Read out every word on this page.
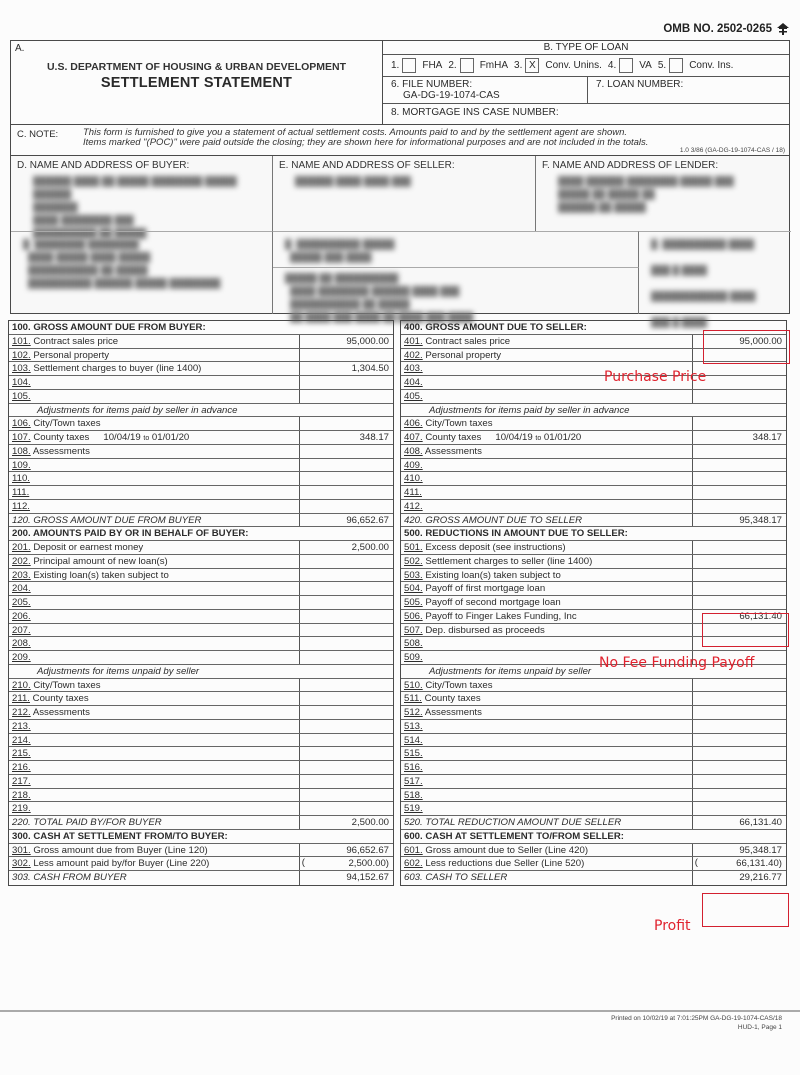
OMB NO. 2502-0265
A.
U.S. DEPARTMENT OF HOUSING & URBAN DEVELOPMENT
SETTLEMENT STATEMENT
B. TYPE OF LOAN
1. FHA 2. FmHA 3. X Conv. Unins. 4. VA 5. Conv. Ins.
6. FILE NUMBER:
GA-DG-19-1074-CAS
7. LOAN NUMBER:
8. MORTGAGE INS CASE NUMBER:
C. NOTE:	This form is furnished to give you a statement of actual settlement costs. Amounts paid to and by the settlement agent are shown.
Items marked "(POC)" were paid outside the closing; they are shown here for informational purposes and are not included in the totals.
1.0 3/86 (GA-DG-19-1074-CAS / 18)
D. NAME AND ADDRESS OF BUYER:
██████ ████ ██ █████ ████████ █████ ██████
███████
████ ████████ ███
██████████ ██ █████
E. NAME AND ADDRESS OF SELLER:
██████ ████ ████ ███
F. NAME AND ADDRESS OF LENDER:
████ ██████ ████████ █████ ███
█████ ██ █████ ██
██████ ██ █████
█. ████████ ████████
████ █████ ████ █████
███████████ ██ █████
██████████ ██████ █████ ████████
█. ██████████ █████
█████ ███ ████
█████ ██ ██████████
████ ████████ ██████ ████ ███
███████████ ██ █████
██ ████ ███ ████ ██ ████ ███ ████
█. ██████████ ████

███ █ ████

████████████ ████

███ █ ████
100. GROSS AMOUNT DUE FROM BUYER:
101. Contract sales price	95,000.00
102. Personal property
103. Settlement charges to buyer (line 1400)	1,304.50
104.
105.
Adjustments for items paid by seller in advance
106. City/Town taxes
107. County taxes 10/04/19 to 01/01/20	348.17
108. Assessments
109.
110.
111.
112.
120. GROSS AMOUNT DUE FROM BUYER	96,652.67
200. AMOUNTS PAID BY OR IN BEHALF OF BUYER:
201. Deposit or earnest money	2,500.00
202. Principal amount of new loan(s)
203. Existing loan(s) taken subject to
204.
205.
206.
207.
208.
209.
Adjustments for items unpaid by seller
210. City/Town taxes
211. County taxes
212. Assessments
213.
214.
215.
216.
217.
218.
219.
220. TOTAL PAID BY/FOR BUYER	2,500.00
300. CASH AT SETTLEMENT FROM/TO BUYER:
301. Gross amount due from Buyer (Line 120)	96,652.67
302. Less amount paid by/for Buyer (Line 220)	(	2,500.00)
303. CASH FROM BUYER	94,152.67
400. GROSS AMOUNT DUE TO SELLER:
401. Contract sales price	95,000.00
402. Personal property
403.
404.
405.
Adjustments for items paid by seller in advance
406. City/Town taxes
407. County taxes 10/04/19 to 01/01/20	348.17
408. Assessments
409.
410.
411.
412.
420. GROSS AMOUNT DUE TO SELLER	95,348.17
500. REDUCTIONS IN AMOUNT DUE TO SELLER:
501. Excess deposit (see instructions)
502. Settlement charges to seller (line 1400)
503. Existing loan(s) taken subject to
504. Payoff of first mortgage loan
505. Payoff of second mortgage loan
506. Payoff to Finger Lakes Funding, Inc	66,131.40
507. Dep. disbursed as proceeds
508.
509.
Adjustments for items unpaid by seller
510. City/Town taxes
511. County taxes
512. Assessments
513.
514.
515.
516.
517.
518.
519.
520. TOTAL REDUCTION AMOUNT DUE SELLER	66,131.40
600. CASH AT SETTLEMENT TO/FROM SELLER:
601. Gross amount due to Seller (Line 420)	95,348.17
602. Less reductions due Seller (Line 520)	(	66,131.40)
603. CASH TO SELLER	29,216.77
Purchase Price
No Fee Funding Payoff
Profit
Printed on 10/02/19 at 7:01:25PM GA-DG-19-1074-CAS/18
HUD-1, Page 1
